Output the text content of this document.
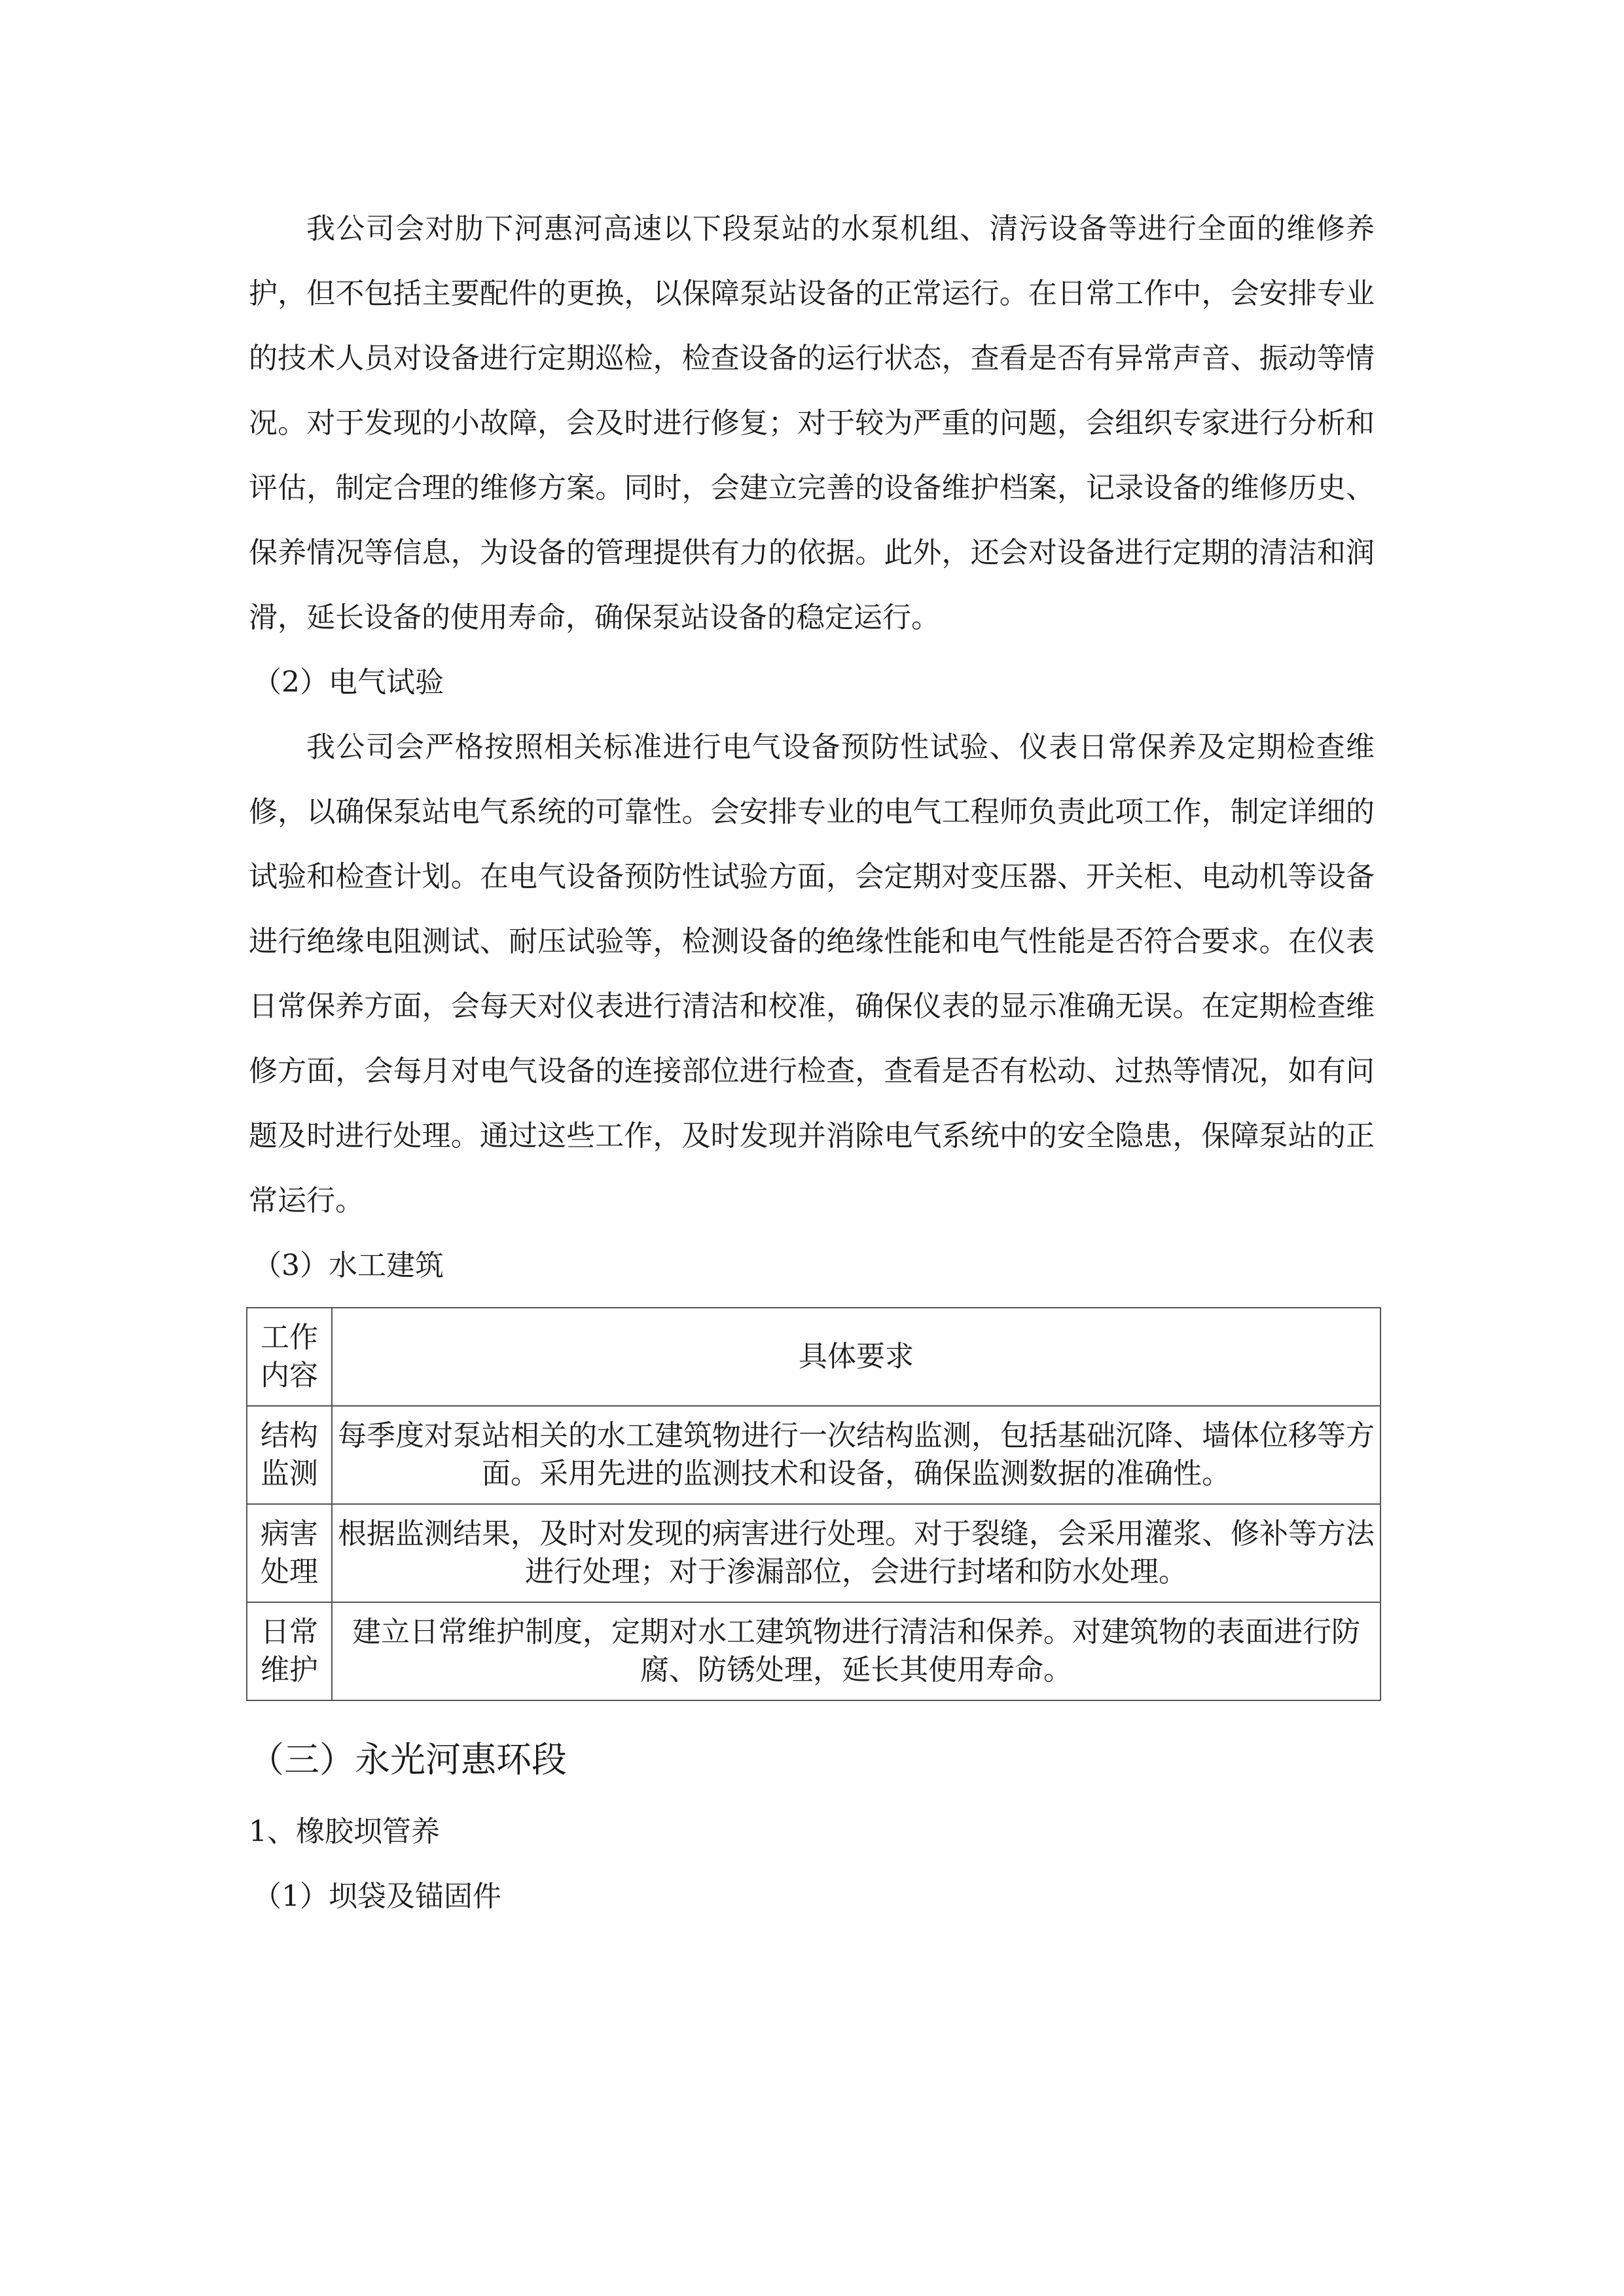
我公司会对肋下河惠河高速以下段泵站的水泵机组、清污设备等进行全面的维修养护，但不包括主要配件的更换，以保障泵站设备的正常运行。在日常工作中，会安排专业的技术人员对设备进行定期巡检，检查设备的运行状态，查看是否有异常声音、振动等情况。对于发现的小故障，会及时进行修复；对于较为严重的问题，会组织专家进行分析和评估，制定合理的维修方案。同时，会建立完善的设备维护档案，记录设备的维修历史、保养情况等信息，为设备的管理提供有力的依据。此外，还会对设备进行定期的清洁和润滑，延长设备的使用寿命，确保泵站设备的稳定运行。

（2）电气试验

我公司会严格按照相关标准进行电气设备预防性试验、仪表日常保养及定期检查维修，以确保泵站电气系统的可靠性。会安排专业的电气工程师负责此项工作，制定详细的试验和检查计划。在电气设备预防性试验方面，会定期对变压器、开关柜、电动机等设备进行绝缘电阻测试、耐压试验等，检测设备的绝缘性能和电气性能是否符合要求。在仪表日常保养方面，会每天对仪表进行清洁和校准，确保仪表的显示准确无误。在定期检查维修方面，会每月对电气设备的连接部位进行检查，查看是否有松动、过热等情况，如有问题及时进行处理。通过这些工作，及时发现并消除电气系统中的安全隐患，保障泵站的正常运行。

（3）水工建筑

工作内容	具体要求
结构监测	每季度对泵站相关的水工建筑物进行一次结构监测，包括基础沉降、墙体位移等方面。采用先进的监测技术和设备，确保监测数据的准确性。
病害处理	根据监测结果，及时对发现的病害进行处理。对于裂缝，会采用灌浆、修补等方法进行处理；对于渗漏部位，会进行封堵和防水处理。
日常维护	建立日常维护制度，定期对水工建筑物进行清洁和保养。对建筑物的表面进行防腐、防锈处理，延长其使用寿命。

（三）永光河惠环段

1、橡胶坝管养

（1）坝袋及锚固件
